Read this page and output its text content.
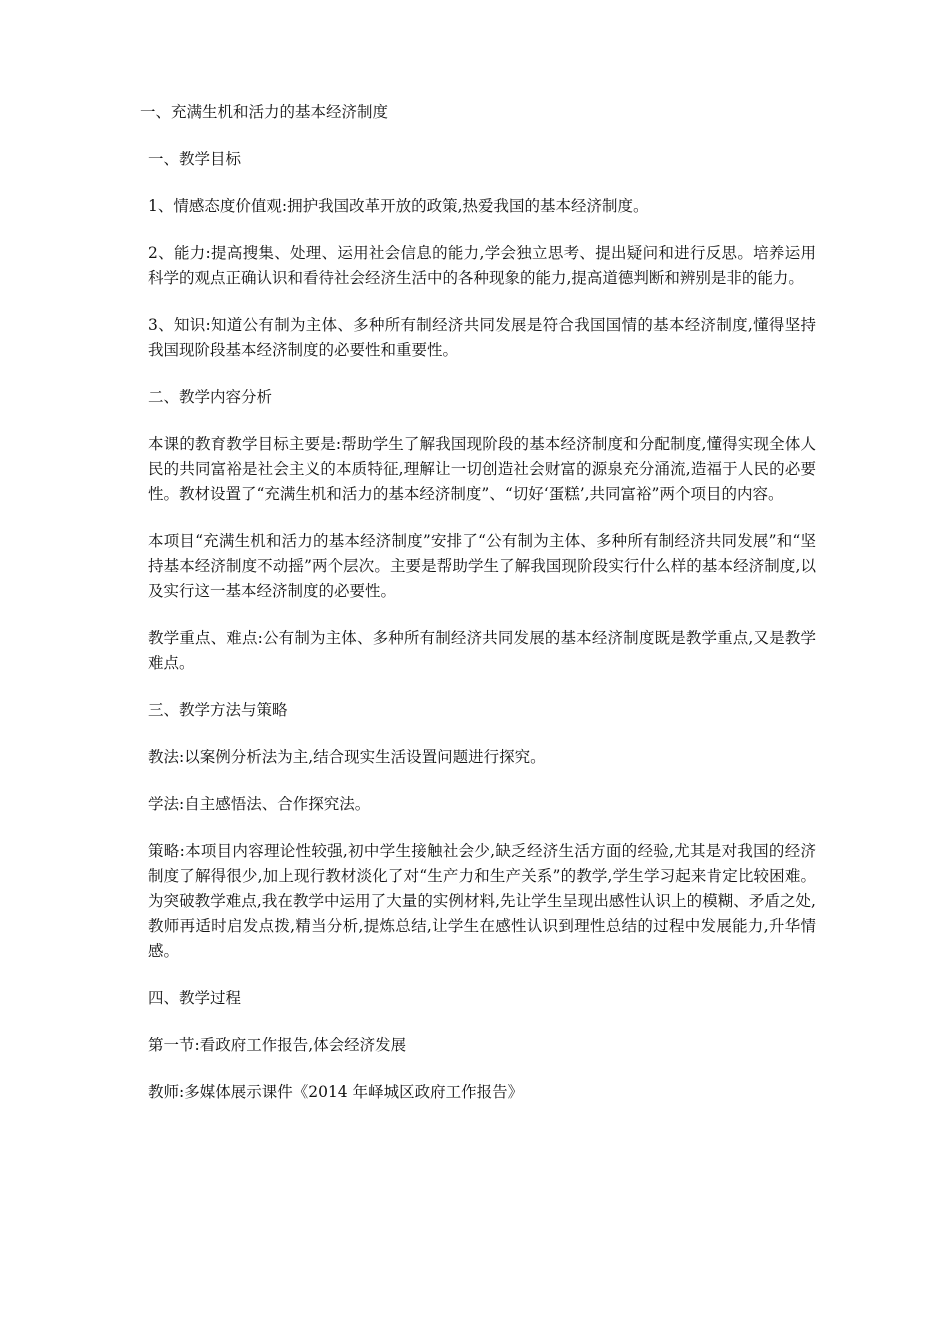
一、充满生机和活力的基本经济制度

一、教学目标

1、情感态度价值观:拥护我国改革开放的政策,热爱我国的基本经济制度。

2、能力:提高搜集、处理、运用社会信息的能力,学会独立思考、提出疑问和进行反思。培养运用科学的观点正确认识和看待社会经济生活中的各种现象的能力,提高道德判断和辨别是非的能力。

3、知识:知道公有制为主体、多种所有制经济共同发展是符合我国国情的基本经济制度,懂得坚持我国现阶段基本经济制度的必要性和重要性。

二、教学内容分析

本课的教育教学目标主要是:帮助学生了解我国现阶段的基本经济制度和分配制度,懂得实现全体人民的共同富裕是社会主义的本质特征,理解让一切创造社会财富的源泉充分涌流,造福于人民的必要性。教材设置了“充满生机和活力的基本经济制度”、“切好‘蛋糕’,共同富裕”两个项目的内容。

本项目“充满生机和活力的基本经济制度”安排了“公有制为主体、多种所有制经济共同发展”和“坚持基本经济制度不动摇”两个层次。主要是帮助学生了解我国现阶段实行什么样的基本经济制度,以及实行这一基本经济制度的必要性。

教学重点、难点:公有制为主体、多种所有制经济共同发展的基本经济制度既是教学重点,又是教学难点。

三、教学方法与策略

教法:以案例分析法为主,结合现实生活设置问题进行探究。

学法:自主感悟法、合作探究法。

策略:本项目内容理论性较强,初中学生接触社会少,缺乏经济生活方面的经验,尤其是对我国的经济制度了解得很少,加上现行教材淡化了对“生产力和生产关系”的教学,学生学习起来肯定比较困难。为突破教学难点,我在教学中运用了大量的实例材料,先让学生呈现出感性认识上的模糊、矛盾之处,教师再适时启发点拨,精当分析,提炼总结,让学生在感性认识到理性总结的过程中发展能力,升华情感。

四、教学过程

第一节:看政府工作报告,体会经济发展

教师:多媒体展示课件《2014 年峄城区政府工作报告》
